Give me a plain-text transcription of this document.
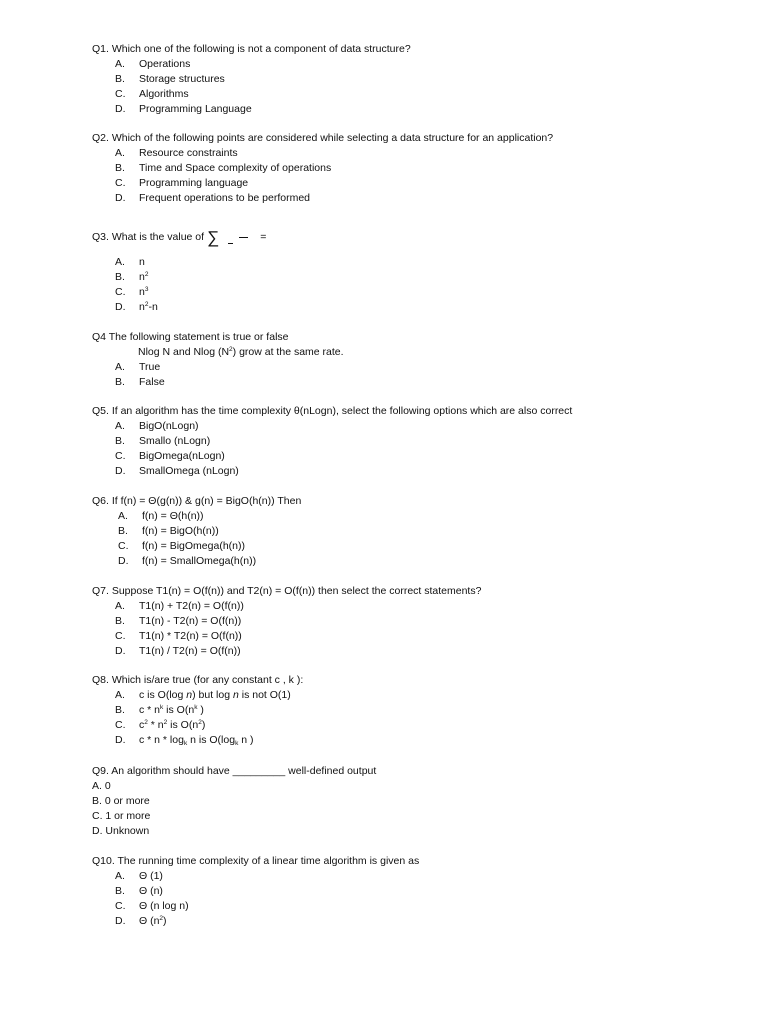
Q1. Which one of the following is not a component of data structure?
A.	Operations
B.	Storage structures
C.	Algorithms
D.	Programming Language
Q2. Which of the following points are considered while selecting a data structure for an application?
A.	Resource constraints
B.	Time and Space complexity of operations
C.	Programming language
D.	Frequent operations to be performed
Q3. What is the value of ∑	=
A.	n
B.	$n^2$
C.	$n^3$
D.	$n^2-n$
Q4 The following statement is true or false
Nlog N and Nlog $(N^2)$ grow at the same rate.
A.	True
B.	False
Q5. If an algorithm has the time complexity θ(nLogn), select the following options which are also correct
A.	BigO(nLogn)
B.	Smallo (nLogn)
C.	BigOmega(nLogn)
D.	SmallOmega (nLogn)
Q6. If f(n) = Θ(g(n)) & g(n) = BigO(h(n)) Then
A.	f(n) = Θ(h(n))
B.	f(n) = BigO(h(n))
C.	f(n) = BigOmega(h(n))
D.	f(n) = SmallOmega(h(n))
Q7. Suppose T1(n) = O(f(n)) and T2(n) = O(f(n)) then select the correct statements?
A.	T1(n) + T2(n) = O(f(n))
B.	T1(n) - T2(n) = O(f(n))
C.	T1(n) * T2(n) = O(f(n))
D.	T1(n) / T2(n) = O(f(n))
Q8. Which is/are true (for any constant c , k ):
A.	c is O(log n) but log n is not O(1)
B.	c * $n^k$ is $O(n^k$ )
C.	$c^2 * n^2$ is $O(n^2)$
D.	c * n * $\log_k n$ is $O(\log_k$ n )
Q9. An algorithm should have _________ well-defined output
A. 0
B. 0 or more
C. 1 or more
D. Unknown
Q10. The running time complexity of a linear time algorithm is given as
A.	Θ (1)
B.	Θ (n)
C.	Θ (n log n)
D.	Θ $(n^2)$
